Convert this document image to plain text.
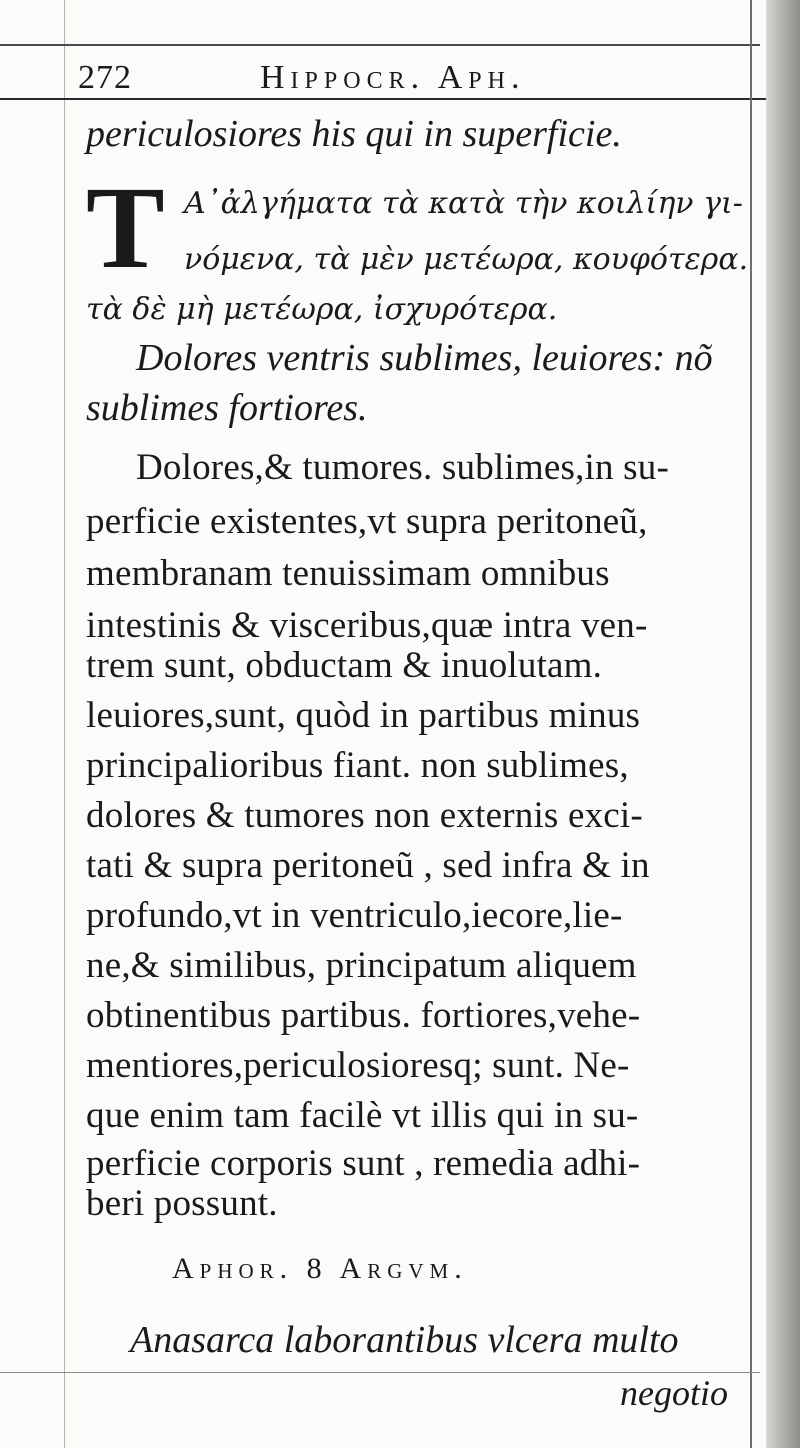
272	Hippocr. Aph.
periculosiores his qui in superficie.
T Α᾽ἀλγήματα τὰ κατὰ τὴν κοιλίην γι-
νόμενα, τὰ μὲν μετέωρα, κουφότερα.
τὰ δὲ μὴ μετέωρα, ἰσχυρότερα.
Dolores ventris sublimes, leuiores: nõ
sublimes fortiores.
Dolores,& tumores. sublimes,in su-
perficie existentes,vt supra peritoneũ,
membranam tenuissimam omnibus
intestinis & visceribus,quæ intra ven-
trem sunt, obductam & inuolutam.
leuiores,sunt, quòd in partibus minus
principalioribus fiant. non sublimes,
dolores & tumores non externis exci-
tati & supra peritoneũ , sed infra & in
profundo,vt in ventriculo,iecore,lie-
ne,& similibus, principatum aliquem
obtinentibus partibus. fortiores,vehe-
mentiores,periculosioresq; sunt. Ne-
que enim tam facilè vt illis qui in su-
perficie corporis sunt , remedia adhi-
beri possunt.
Aphor. 8 Argvm.
Anasarca laborantibus vlcera multo
negotio
